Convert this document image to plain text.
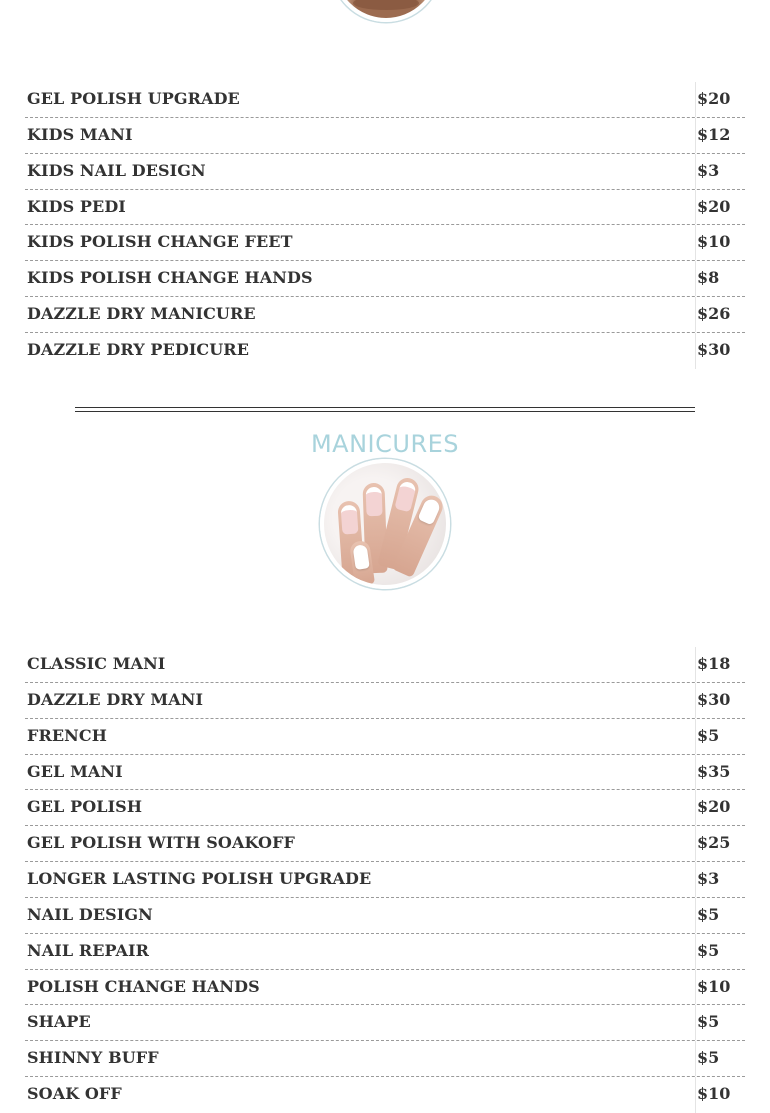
GEL POLISH UPGRADE	$20
KIDS MANI	$12
KIDS NAIL DESIGN	$3
KIDS PEDI	$20
KIDS POLISH CHANGE FEET	$10
KIDS POLISH CHANGE HANDS	$8
DAZZLE DRY MANICURE	$26
DAZZLE DRY PEDICURE	$30
MANICURES
CLASSIC MANI	$18
DAZZLE DRY MANI	$30
FRENCH	$5
GEL MANI	$35
GEL POLISH	$20
GEL POLISH WITH SOAKOFF	$25
LONGER LASTING POLISH UPGRADE	$3
NAIL DESIGN	$5
NAIL REPAIR	$5
POLISH CHANGE HANDS	$10
SHAPE	$5
SHINNY BUFF	$5
SOAK OFF	$10
